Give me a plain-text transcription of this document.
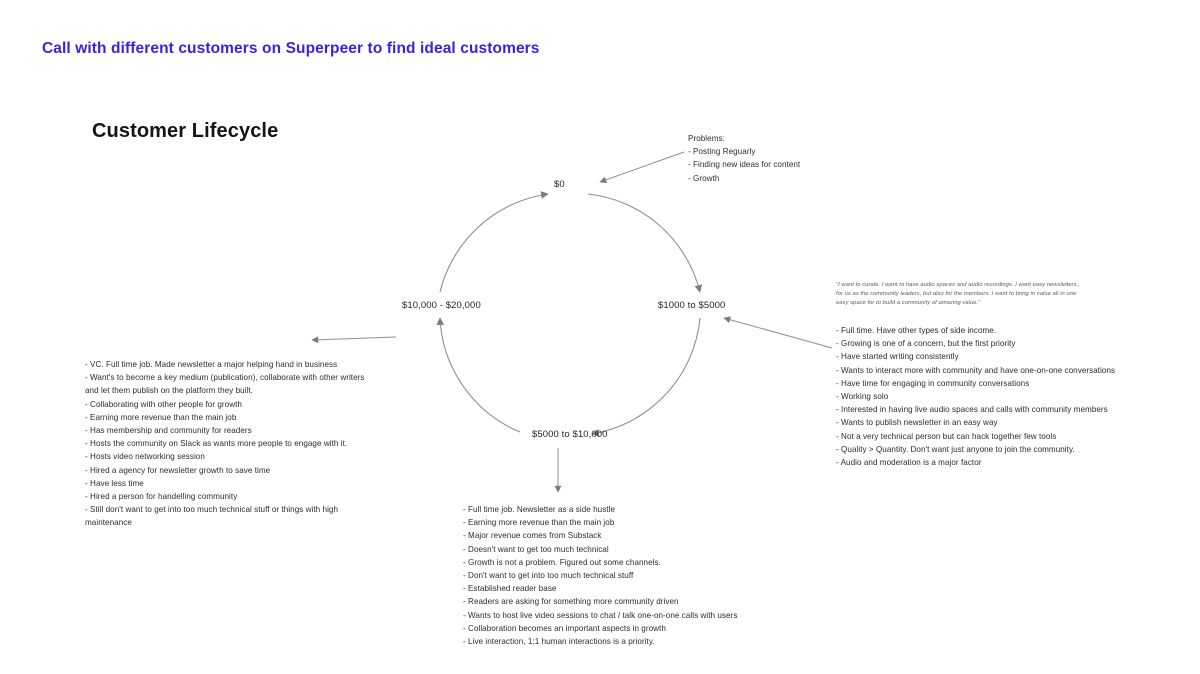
Call with different customers on Superpeer to find ideal customers
Customer Lifecycle
$0
$1000 to $5000
$5000 to $10,000
$10,000 - $20,000
Problems:
- Posting Reguarly
- Finding new ideas for content
- Growth
"I want to curate. I want to have audio spaces and audio recordings. I want easy newsletters., for us as the community leaders, but also for the members. I want to bring in value all in one easy space for to build a community of amazing value."
- Full time. Have other types of side income.
- Growing is one of a concern, but the first priority
- Have started writing consistently
- Wants to interact more with community and have one-on-one conversations
- Have time for engaging in community conversations
- Working solo
- Interested in having live audio spaces and calls with community members
- Wants to publish newsletter in an easy way
- Not a very technical person but can hack together few tools
- Quality > Quantity. Don't want just anyone to join the community.
- Audio and moderation is a major factor
- VC. Full time job. Made newsletter a major helping hand in business
- Want's to become a key medium (publication), collaborate with other writers and let them publish on the platform they built.
- Collaborating with other people for growth
- Earning more revenue than the main job
- Has membership and community for readers
- Hosts the community on Slack as wants more people to engage with it.
- Hosts video networking session
- Hired a agency for newsletter growth to save time
- Have less time
- Hired a person for handelling community
- Still don't want to get into too much technical stuff or things with high maintenance
- Full time job. Newsletter as a side hustle
- Earning more revenue than the main job
- Major revenue comes from Substack
- Doesn't want to get too much technical
- Growth is not a problem. Figured out some channels.
- Don't want to get into too much technical stuff
- Established reader base
- Readers are asking for something more community driven
- Wants to host live video sessions to chat / talk one-on-one calls with users
- Collaboration becomes an important aspects in growth
- Live interaction, 1:1 human interactions is a priority.
